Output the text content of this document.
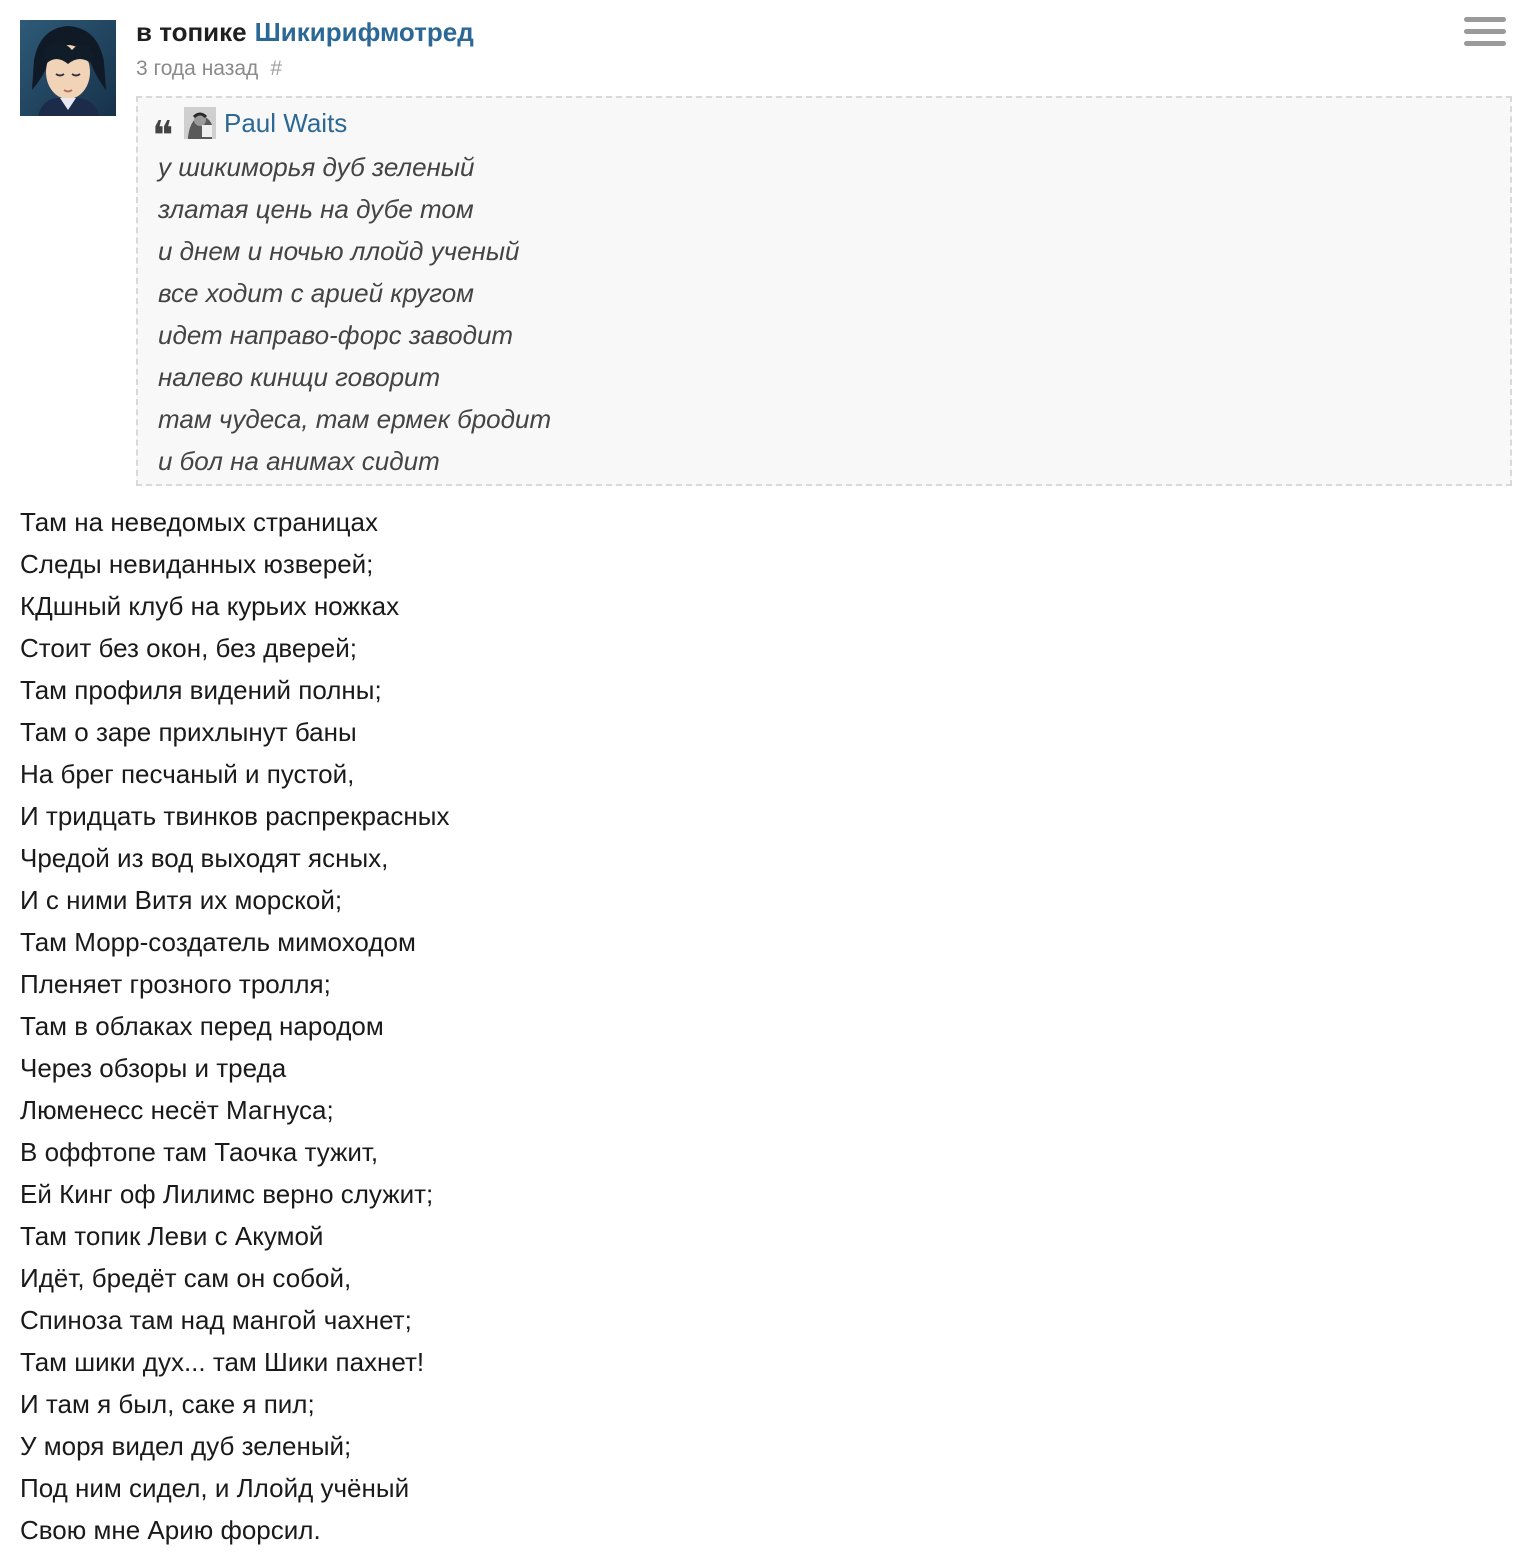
в топике Шикирифмотред
3 года назад #
❝	Paul Waits
у шикиморья дуб зеленый
златая цень на дубе том
и днем и ночью ллойд ученый
все ходит с арией кругом
идет направо-форс заводит
налево кинщи говорит
там чудеса, там ермек бродит
и бол на анимах сидит
Там на неведомых страницах
Следы невиданных юзверей;
КДшный клуб на курьих ножках
Стоит без окон, без дверей;
Там профиля видений полны;
Там о заре прихлынут баны
На брег песчаный и пустой,
И тридцать твинков распрекрасных
Чредой из вод выходят ясных,
И с ними Витя их морской;
Там Морр-создатель мимоходом
Пленяет грозного тролля;
Там в облаках перед народом
Через обзоры и треда
Люменесс несёт Магнуса;
В оффтопе там Таочка тужит,
Ей Кинг оф Лилимс верно служит;
Там топик Леви с Акумой
Идёт, бредёт сам он собой,
Спиноза там над мангой чахнет;
Там шики дух... там Шики пахнет!
И там я был, саке я пил;
У моря видел дуб зеленый;
Под ним сидел, и Ллойд учёный
Свою мне Арию форсил.
